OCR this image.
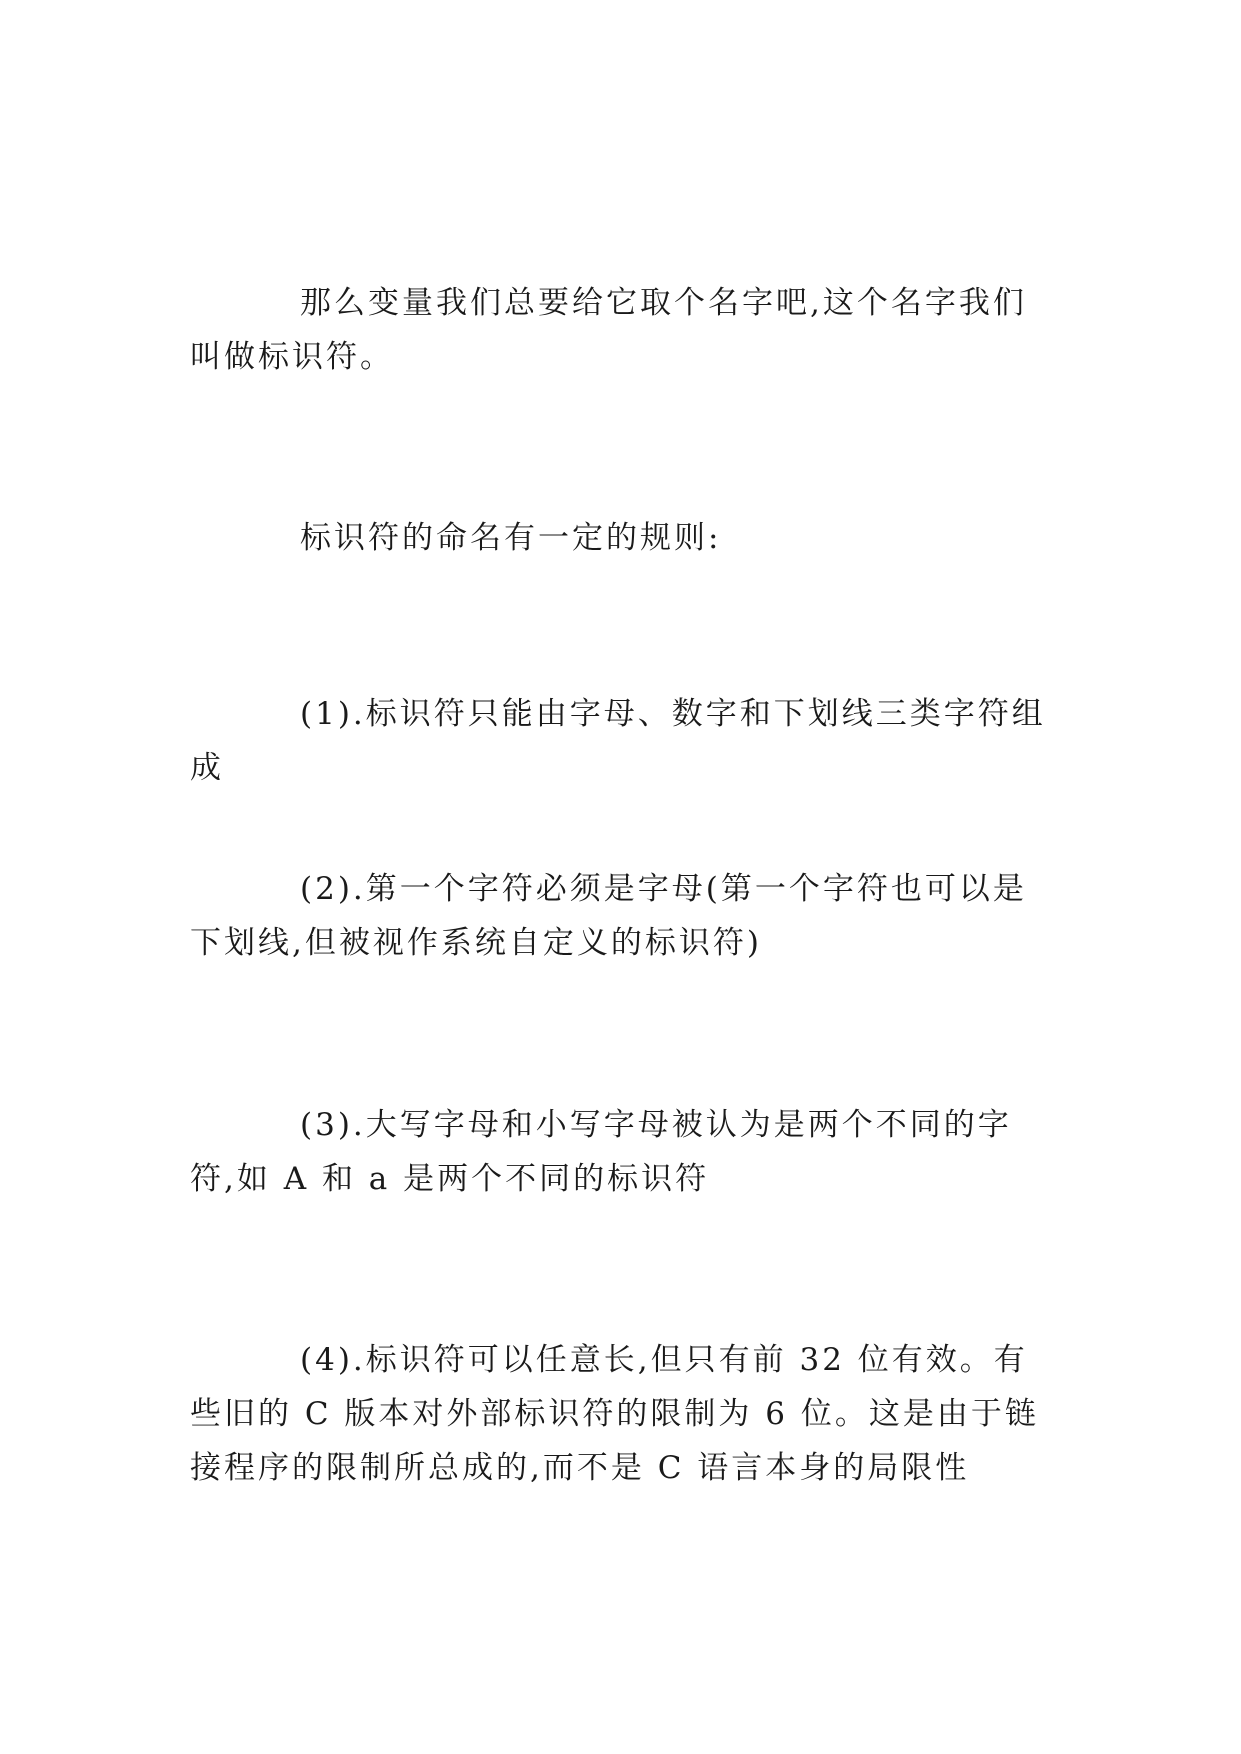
那么变量我们总要给它取个名字吧,这个名字我们叫做标识符。

标识符的命名有一定的规则:

(1).标识符只能由字母、数字和下划线三类字符组成

(2).第一个字符必须是字母(第一个字符也可以是下划线,但被视作系统自定义的标识符)

(3).大写字母和小写字母被认为是两个不同的字符,如 A 和 a 是两个不同的标识符

(4).标识符可以任意长,但只有前 32 位有效。有些旧的 C 版本对外部标识符的限制为 6 位。这是由于链接程序的限制所总成的,而不是 C 语言本身的局限性
